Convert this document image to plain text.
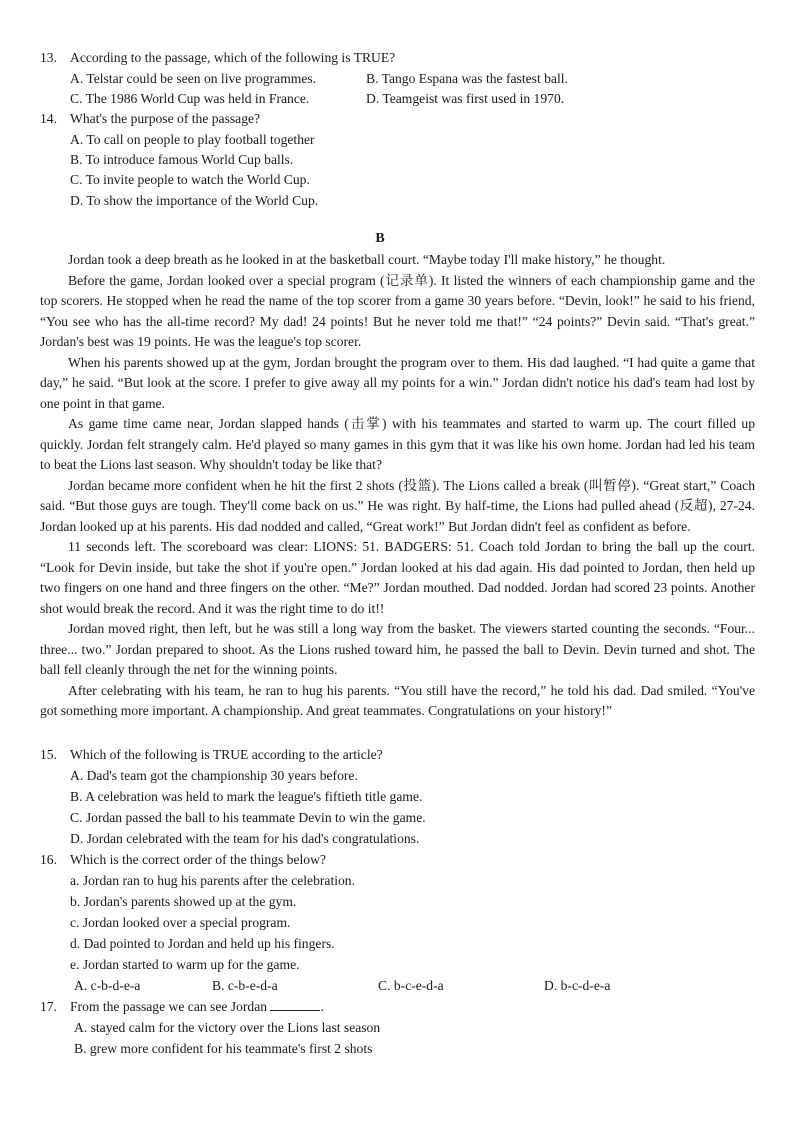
13. According to the passage, which of the following is TRUE?
A. Telstar could be seen on live programmes.	B. Tango Espana was the fastest ball.
C. The 1986 World Cup was held in France.	D. Teamgeist was first used in 1970.
14. What's the purpose of the passage?
A. To call on people to play football together
B. To introduce famous World Cup balls.
C. To invite people to watch the World Cup.
D. To show the importance of the World Cup.
B

Jordan took a deep breath as he looked in at the basketball court. “Maybe today I'll make history,” he thought.

Before the game, Jordan looked over a special program (记录单). It listed the winners of each championship game and the top scorers. He stopped when he read the name of the top scorer from a game 30 years before. “Devin, look!” he said to his friend, “You see who has the all-time record? My dad! 24 points! But he never told me that!” “24 points?” Devin said. “That's great.” Jordan's best was 19 points. He was the league's top scorer.

When his parents showed up at the gym, Jordan brought the program over to them. His dad laughed. “I had quite a game that day,” he said. “But look at the score. I prefer to give away all my points for a win.” Jordan didn't notice his dad's team had lost by one point in that game.

As game time came near, Jordan slapped hands (击掌) with his teammates and started to warm up. The court filled up quickly. Jordan felt strangely calm. He'd played so many games in this gym that it was like his own home. Jordan had led his team to beat the Lions last season. Why shouldn't today be like that?

Jordan became more confident when he hit the first 2 shots (投篮). The Lions called a break (叫暂停). “Great start,” Coach said. “But those guys are tough. They'll come back on us.” He was right. By half-time, the Lions had pulled ahead (反超), 27-24. Jordan looked up at his parents. His dad nodded and called, “Great work!” But Jordan didn't feel as confident as before.

11 seconds left. The scoreboard was clear: LIONS: 51. BADGERS: 51. Coach told Jordan to bring the ball up the court. “Look for Devin inside, but take the shot if you're open.” Jordan looked at his dad again. His dad pointed to Jordan, then held up two fingers on one hand and three fingers on the other. “Me?” Jordan mouthed. Dad nodded. Jordan had scored 23 points. Another shot would break the record. And it was the right time to do it!!

Jordan moved right, then left, but he was still a long way from the basket. The viewers started counting the seconds. “Four... three... two.” Jordan prepared to shoot. As the Lions rushed toward him, he passed the ball to Devin. Devin turned and shot. The ball fell cleanly through the net for the winning points.

After celebrating with his team, he ran to hug his parents. “You still have the record,” he told his dad. Dad smiled. “You've got something more important. A championship. And great teammates. Congratulations on your history!”

15. Which of the following is TRUE according to the article?
A. Dad's team got the championship 30 years before.
B. A celebration was held to mark the league's fiftieth title game.
C. Jordan passed the ball to his teammate Devin to win the game.
D. Jordan celebrated with the team for his dad's congratulations.
16. Which is the correct order of the things below?
a. Jordan ran to hug his parents after the celebration.
b. Jordan's parents showed up at the gym.
c. Jordan looked over a special program.
d. Dad pointed to Jordan and held up his fingers.
e. Jordan started to warm up for the game.
A. c-b-d-e-a	B. c-b-e-d-a	C. b-c-e-d-a	D. b-c-d-e-a
17. From the passage we can see Jordan	.
A. stayed calm for the victory over the Lions last season
B. grew more confident for his teammate's first 2 shots
